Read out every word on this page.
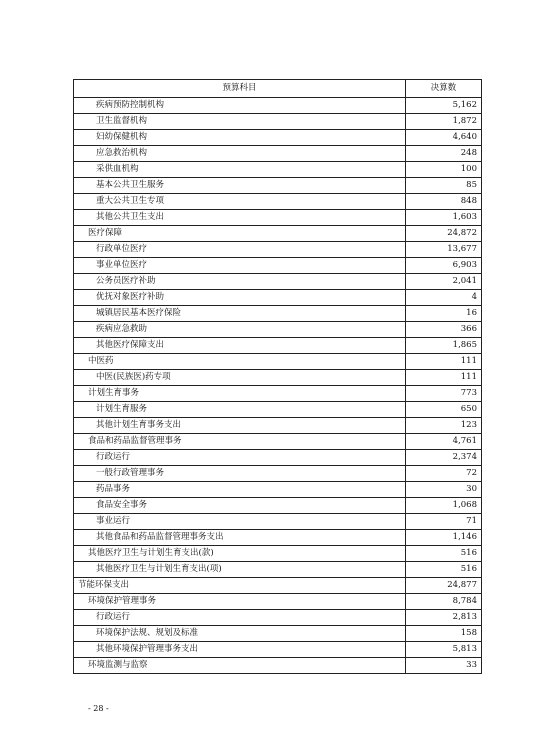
预算科目	决算数
疾病预防控制机构	5,162
卫生监督机构	1,872
妇幼保健机构	4,640
应急救治机构	248
采供血机构	100
基本公共卫生服务	85
重大公共卫生专项	848
其他公共卫生支出	1,603
医疗保障	24,872
行政单位医疗	13,677
事业单位医疗	6,903
公务员医疗补助	2,041
优抚对象医疗补助	4
城镇居民基本医疗保险	16
疾病应急救助	366
其他医疗保障支出	1,865
中医药	111
中医(民族医)药专项	111
计划生育事务	773
计划生育服务	650
其他计划生育事务支出	123
食品和药品监督管理事务	4,761
行政运行	2,374
一般行政管理事务	72
药品事务	30
食品安全事务	1,068
事业运行	71
其他食品和药品监督管理事务支出	1,146
其他医疗卫生与计划生育支出(款)	516
其他医疗卫生与计划生育支出(项)	516
节能环保支出	24,877
环境保护管理事务	8,784
行政运行	2,813
环境保护法规、规划及标准	158
其他环境保护管理事务支出	5,813
环境监测与监察	33
- 28 -
